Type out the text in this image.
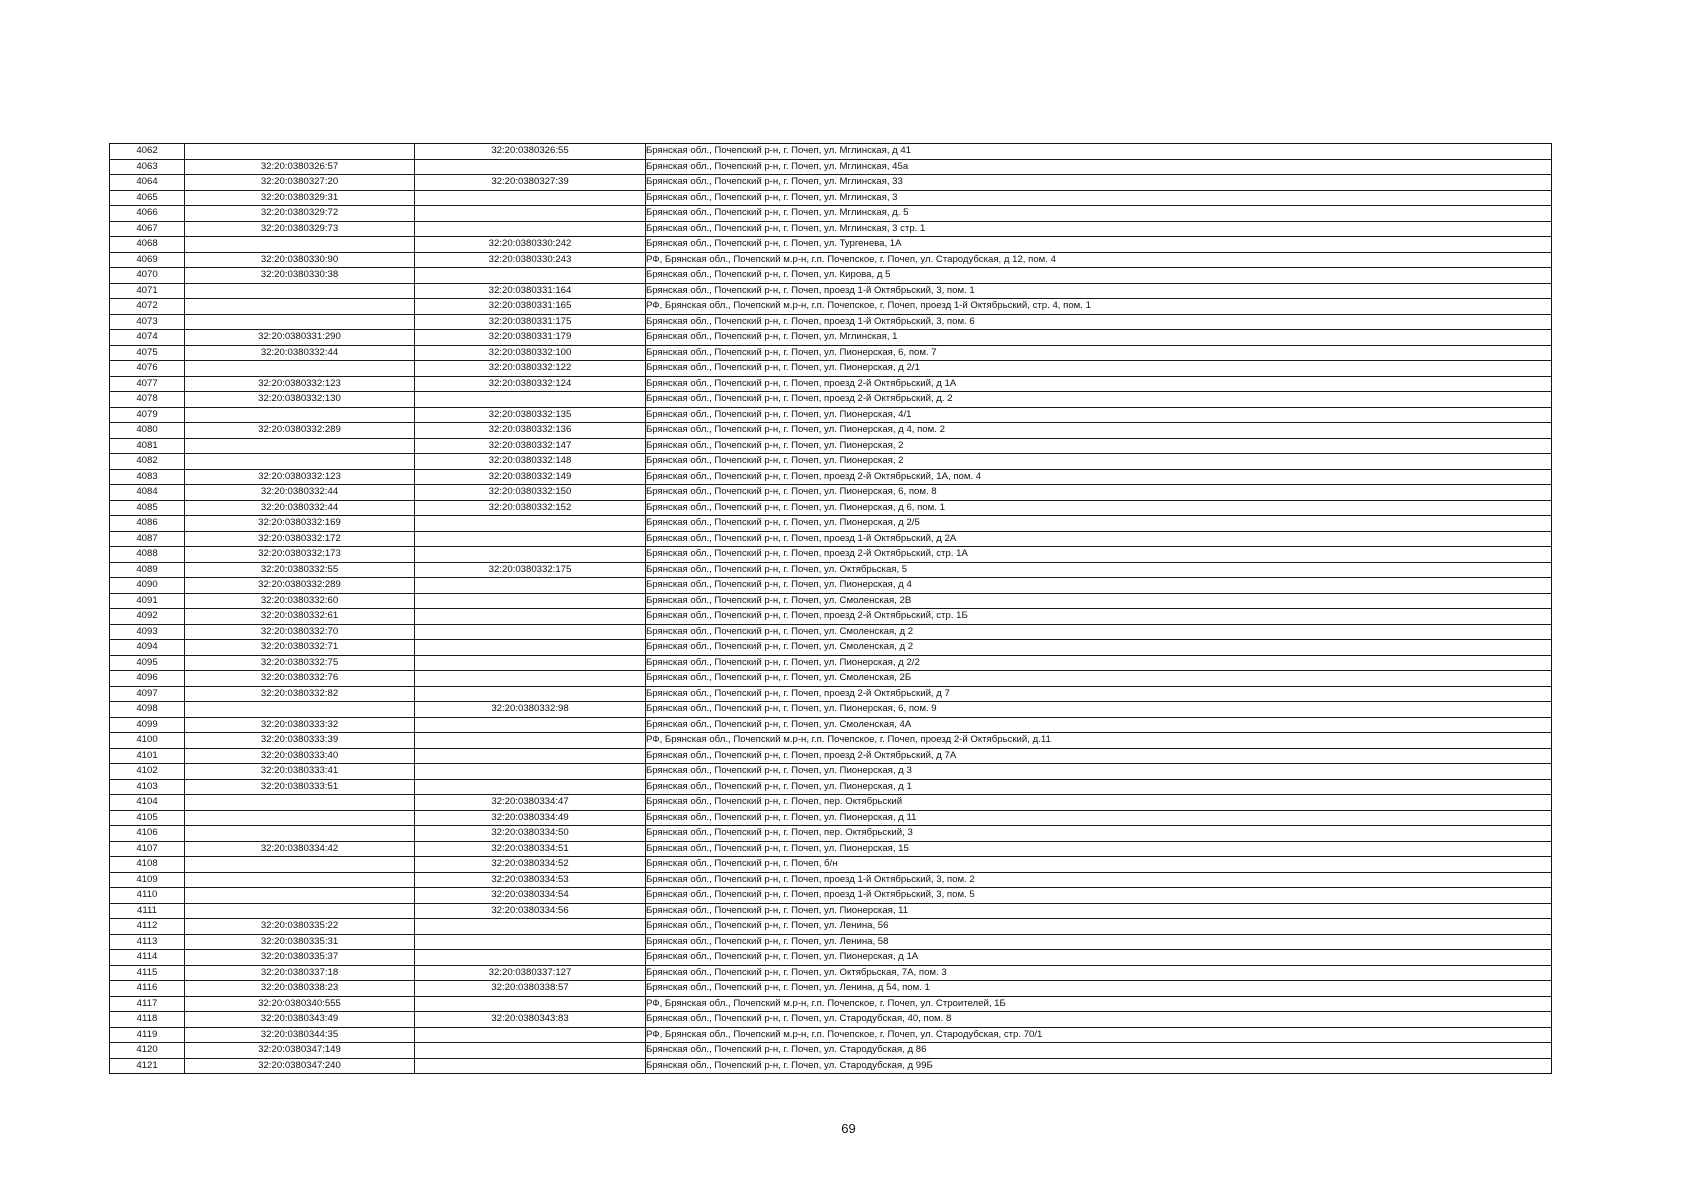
4062		32:20:0380326:55	Брянская обл., Почепский р-н, г. Почеп, ул. Мглинская, д 41
4063	32:20:0380326:57		Брянская обл., Почепский р-н, г. Почеп, ул. Мглинская, 45а
4064	32:20:0380327:20	32:20:0380327:39	Брянская обл., Почепский р-н, г. Почеп, ул. Мглинская, 33
4065	32:20:0380329:31		Брянская обл., Почепский р-н, г. Почеп, ул. Мглинская, 3
4066	32:20:0380329:72		Брянская обл., Почепский р-н, г. Почеп, ул. Мглинская, д. 5
4067	32:20:0380329:73		Брянская обл., Почепский р-н, г. Почеп, ул. Мглинская, 3 стр. 1
4068		32:20:0380330:242	Брянская обл., Почепский р-н, г. Почеп, ул. Тургенева, 1А
4069	32:20:0380330:90	32:20:0380330:243	РФ, Брянская обл., Почепский м.р-н, г.п. Почепское, г. Почеп, ул. Стародубская, д 12, пом. 4
4070	32:20:0380330:38		Брянская обл., Почепский р-н, г. Почеп, ул. Кирова, д 5
4071		32:20:0380331:164	Брянская обл., Почепский р-н, г. Почеп, проезд 1-й Октябрьский, 3, пом. 1
4072		32:20:0380331:165	РФ, Брянская обл., Почепский м.р-н, г.п. Почепское, г. Почеп, проезд 1-й Октябрьский, стр. 4, пом. 1
4073		32:20:0380331:175	Брянская обл., Почепский р-н, г. Почеп, проезд 1-й Октябрьский, 3, пом. 6
4074	32:20:0380331:290	32:20:0380331:179	Брянская обл., Почепский р-н, г. Почеп, ул. Мглинская, 1
4075	32:20:0380332:44	32:20:0380332:100	Брянская обл., Почепский р-н, г. Почеп, ул. Пионерская, 6, пом. 7
4076		32:20:0380332:122	Брянская обл., Почепский р-н, г. Почеп, ул. Пионерская, д 2/1
4077	32:20:0380332:123	32:20:0380332:124	Брянская обл., Почепский р-н, г. Почеп, проезд 2-й Октябрьский, д 1А
4078	32:20:0380332:130		Брянская обл., Почепский р-н, г. Почеп, проезд 2-й Октябрьский, д. 2
4079		32:20:0380332:135	Брянская обл., Почепский р-н, г. Почеп, ул. Пионерская, 4/1
4080	32:20:0380332:289	32:20:0380332:136	Брянская обл., Почепский р-н, г. Почеп, ул. Пионерская, д 4, пом. 2
4081		32:20:0380332:147	Брянская обл., Почепский р-н, г. Почеп, ул. Пионерская, 2
4082		32:20:0380332:148	Брянская обл., Почепский р-н, г. Почеп, ул. Пионерская, 2
4083	32:20:0380332:123	32:20:0380332:149	Брянская обл., Почепский р-н, г. Почеп, проезд 2-й Октябрьский, 1А, пом. 4
4084	32:20:0380332:44	32:20:0380332:150	Брянская обл., Почепский р-н, г. Почеп, ул. Пионерская, 6, пом. 8
4085	32:20:0380332:44	32:20:0380332:152	Брянская обл., Почепский р-н, г. Почеп, ул. Пионерская, д 6, пом. 1
4086	32:20:0380332:169		Брянская обл., Почепский р-н, г. Почеп, ул. Пионерская, д 2/5
4087	32:20:0380332:172		Брянская обл., Почепский р-н, г. Почеп, проезд 1-й Октябрьский, д 2А
4088	32:20:0380332:173		Брянская обл., Почепский р-н, г. Почеп, проезд 2-й Октябрьский, стр. 1А
4089	32:20:0380332:55	32:20:0380332:175	Брянская обл., Почепский р-н, г. Почеп, ул. Октябрьская, 5
4090	32:20:0380332:289		Брянская обл., Почепский р-н, г. Почеп, ул. Пионерская, д 4
4091	32:20:0380332:60		Брянская обл., Почепский р-н, г. Почеп, ул. Смоленская, 2В
4092	32:20:0380332:61		Брянская обл., Почепский р-н, г. Почеп, проезд 2-й Октябрьский, стр. 1Б
4093	32:20:0380332:70		Брянская обл., Почепский р-н, г. Почеп, ул. Смоленская, д 2
4094	32:20:0380332:71		Брянская обл., Почепский р-н, г. Почеп, ул. Смоленская, д 2
4095	32:20:0380332:75		Брянская обл., Почепский р-н, г. Почеп, ул. Пионерская, д 2/2
4096	32:20:0380332:76		Брянская обл., Почепский р-н, г. Почеп, ул. Смоленская, 2Б
4097	32:20:0380332:82		Брянская обл., Почепский р-н, г. Почеп, проезд 2-й Октябрьский, д 7
4098		32:20:0380332:98	Брянская обл., Почепский р-н, г. Почеп, ул. Пионерская, 6, пом. 9
4099	32:20:0380333:32		Брянская обл., Почепский р-н, г. Почеп, ул. Смоленская, 4А
4100	32:20:0380333:39		РФ, Брянская обл., Почепский м.р-н, г.п. Почепское, г. Почеп, проезд 2-й Октябрьский, д.11
4101	32:20:0380333:40		Брянская обл., Почепский р-н, г. Почеп, проезд 2-й Октябрьский, д 7А
4102	32:20:0380333:41		Брянская обл., Почепский р-н, г. Почеп, ул. Пионерская, д 3
4103	32:20:0380333:51		Брянская обл., Почепский р-н, г. Почеп, ул. Пионерская, д 1
4104		32:20:0380334:47	Брянская обл., Почепский р-н, г. Почеп, пер. Октябрьский
4105		32:20:0380334:49	Брянская обл., Почепский р-н, г. Почеп, ул. Пионерская, д 11
4106		32:20:0380334:50	Брянская обл., Почепский р-н, г. Почеп, пер. Октябрьский, 3
4107	32:20:0380334:42	32:20:0380334:51	Брянская обл., Почепский р-н, г. Почеп, ул. Пионерская, 15
4108		32:20:0380334:52	Брянская обл., Почепский р-н, г. Почеп, б/н
4109		32:20:0380334:53	Брянская обл., Почепский р-н, г. Почеп, проезд 1-й Октябрьский, 3, пом. 2
4110		32:20:0380334:54	Брянская обл., Почепский р-н, г. Почеп, проезд 1-й Октябрьский, 3, пом. 5
4111		32:20:0380334:56	Брянская обл., Почепский р-н, г. Почеп, ул. Пионерская, 11
4112	32:20:0380335:22		Брянская обл., Почепский р-н, г. Почеп, ул. Ленина, 56
4113	32:20:0380335:31		Брянская обл., Почепский р-н, г. Почеп, ул. Ленина, 58
4114	32:20:0380335:37		Брянская обл., Почепский р-н, г. Почеп, ул. Пионерская, д 1А
4115	32:20:0380337:18	32:20:0380337:127	Брянская обл., Почепский р-н, г. Почеп, ул. Октябрьская, 7А, пом. 3
4116	32:20:0380338:23	32:20:0380338:57	Брянская обл., Почепский р-н, г. Почеп, ул. Ленина, д 54, пом. 1
4117	32:20:0380340:555		РФ, Брянская обл., Почепский м.р-н, г.п. Почепское, г. Почеп, ул. Строителей, 1Б
4118	32:20:0380343:49	32:20:0380343:83	Брянская обл., Почепский р-н, г. Почеп, ул. Стародубская, 40, пом. 8
4119	32:20:0380344:35		РФ, Брянская обл., Почепский м.р-н, г.п. Почепское, г. Почеп, ул. Стародубская, стр. 70/1
4120	32:20:0380347:149		Брянская обл., Почепский р-н, г. Почеп, ул. Стародубская, д 86
4121	32:20:0380347:240		Брянская обл., Почепский р-н, г. Почеп, ул. Стародубская, д 99Б
69
